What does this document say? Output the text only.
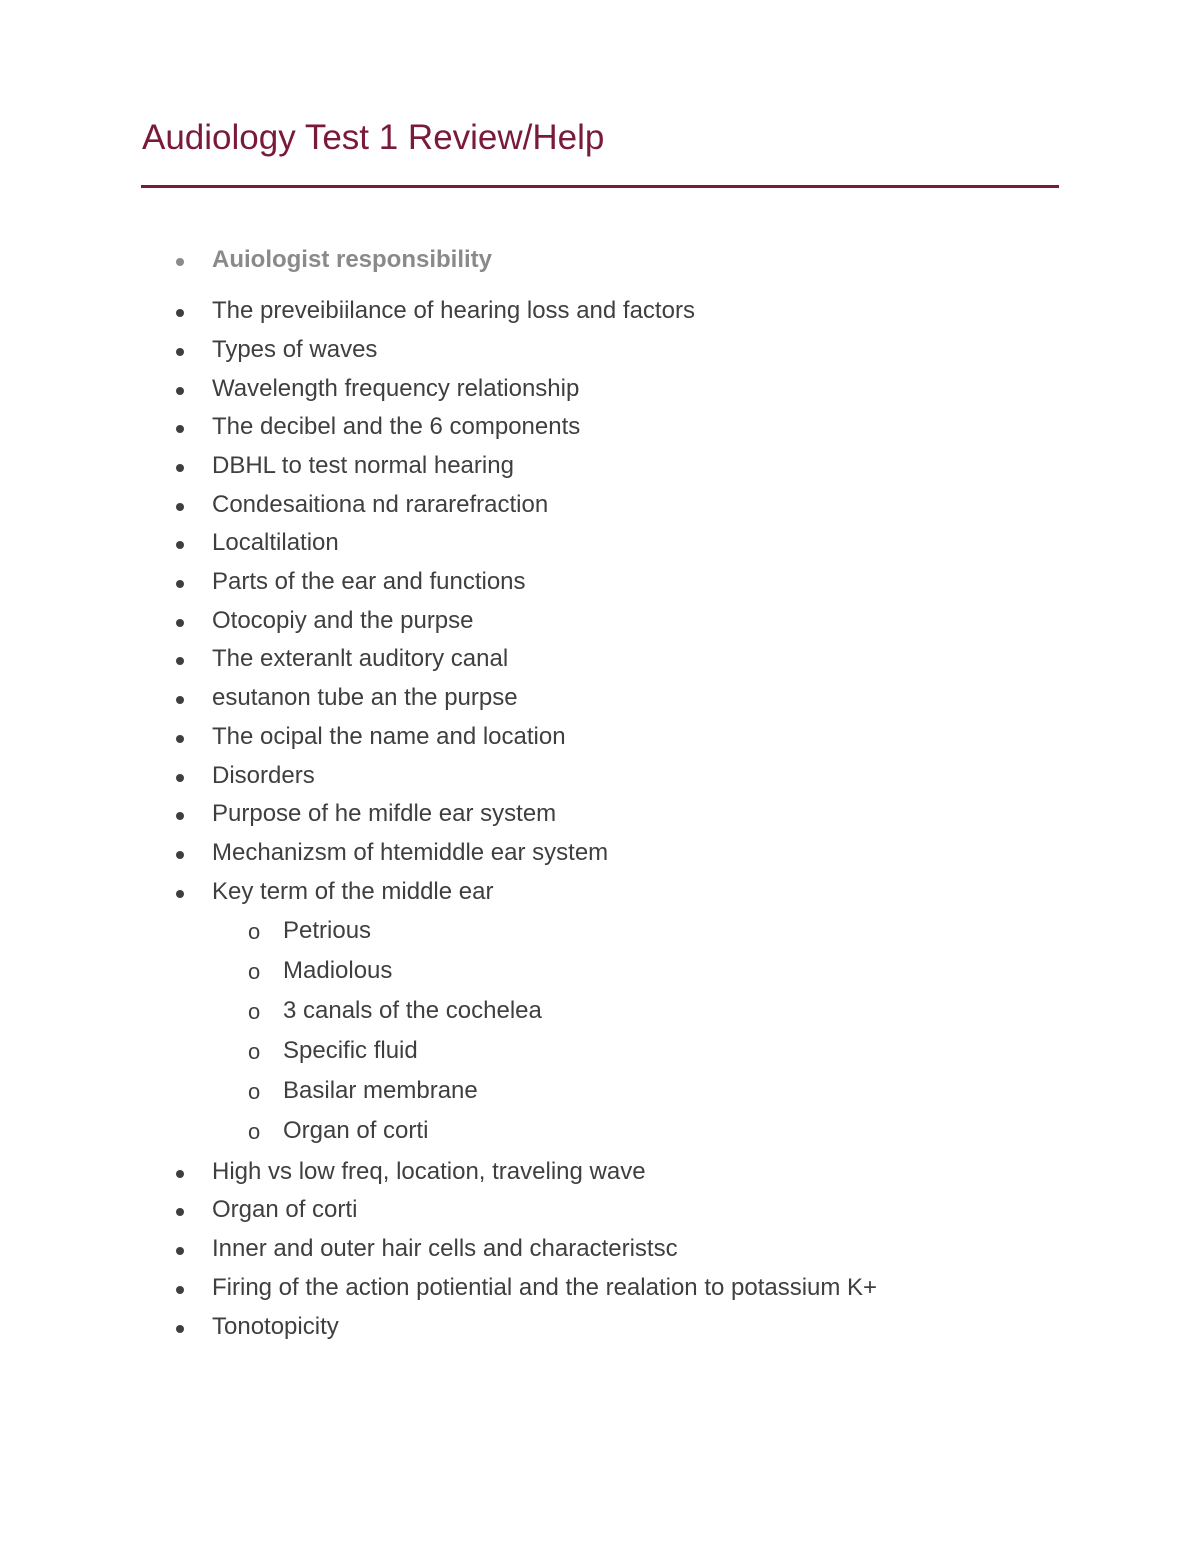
Audiology Test 1 Review/Help
Auiologist responsibility
The preveibiilance of hearing loss and factors
Types of waves
Wavelength frequency relationship
The decibel and the 6 components
DBHL to test normal hearing
Condesaitiona nd rararefraction
Localtilation
Parts of the ear and functions
Otocopiy and the purpse
The exteranlt auditory canal
esutanon tube an the purpse
The ocipal the name and location
Disorders
Purpose of he mifdle ear system
Mechanizsm of htemiddle ear system
Key term of the middle ear
o Petrious
o Madiolous
o 3 canals of the cochelea
o Specific fluid
o Basilar membrane
o Organ of corti
High vs low freq, location, traveling wave
Organ of corti
Inner and outer hair cells and characteristsc
Firing of the action potiential and the realation to potassium K+
Tonotopicity
